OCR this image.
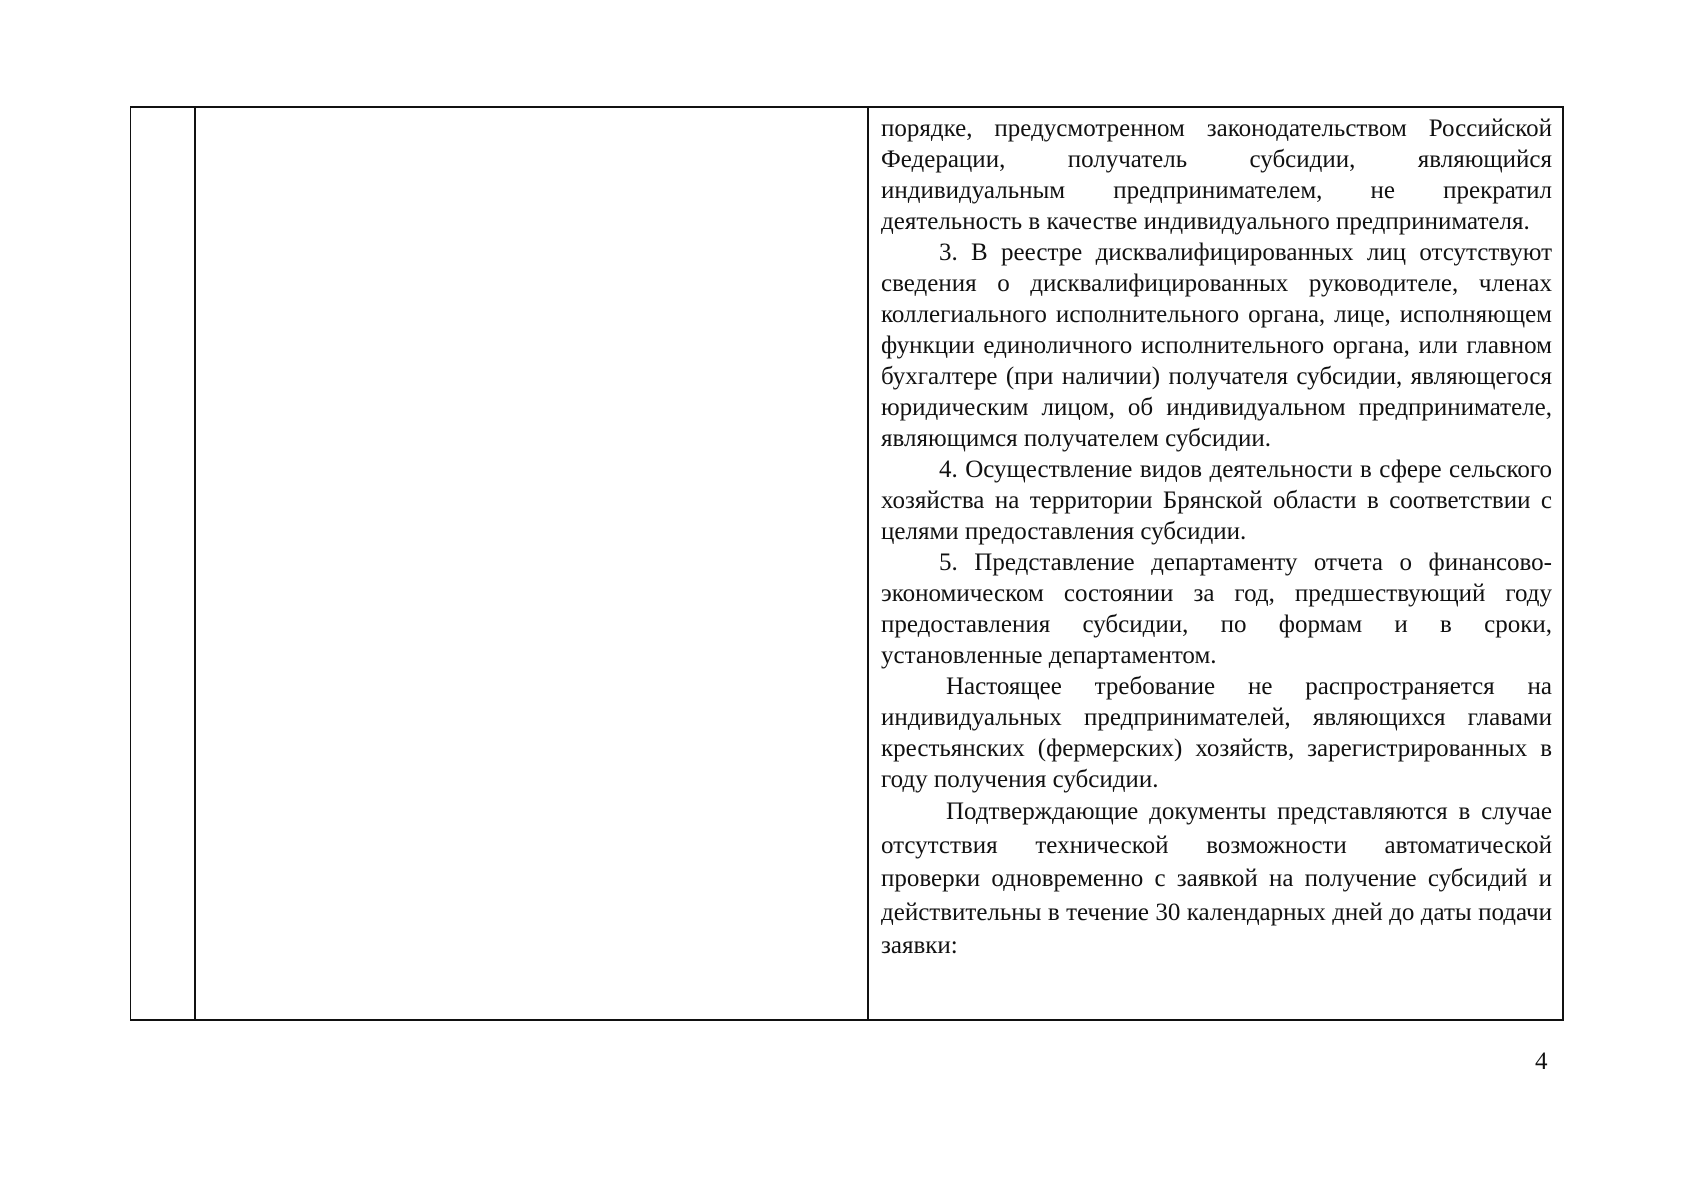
порядке, предусмотренном законодательством Российской Федерации, получатель субсидии, являющийся индивидуальным предпринимателем, не прекратил деятельность в качестве индивидуального предпринимателя.

3. В реестре дисквалифицированных лиц отсутствуют сведения о дисквалифицированных руководителе, членах коллегиального исполнительного органа, лице, исполняющем функции единоличного исполнительного органа, или главном бухгалтере (при наличии) получателя субсидии, являющегося юридическим лицом, об индивидуальном предпринимателе, являющимся получателем субсидии.

4. Осуществление видов деятельности в сфере сельского хозяйства на территории Брянской области в соответствии с целями предоставления субсидии.

5. Представление департаменту отчета о финансово-экономическом состоянии за год, предшествующий году предоставления субсидии, по формам и в сроки, установленные департаментом.

Настоящее требование не распространяется на индивидуальных предпринимателей, являющихся главами крестьянских (фермерских) хозяйств, зарегистрированных в году получения субсидии.

Подтверждающие документы представляются в случае отсутствия технической возможности автоматической проверки одновременно с заявкой на получение субсидий и действительны в течение 30 календарных дней до даты подачи заявки:

4
